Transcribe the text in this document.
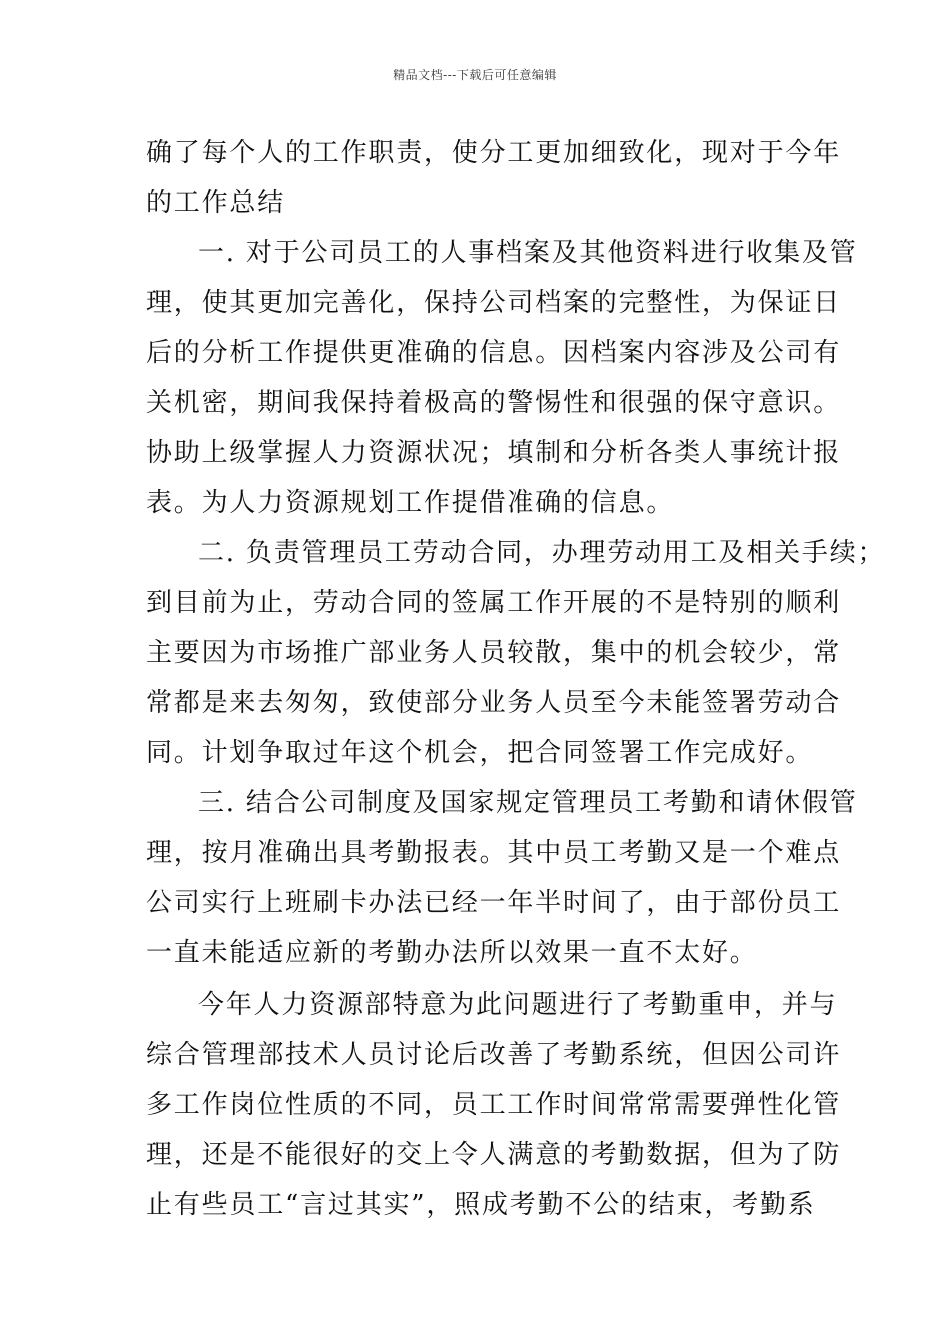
精品文档---下载后可任意编辑
确了每个人的工作职责，使分工更加细致化，现对于今年
的工作总结
一. 对于公司员工的人事档案及其他资料进行收集及管
理，使其更加完善化，保持公司档案的完整性，为保证日
后的分析工作提供更准确的信息。因档案内容涉及公司有
关机密，期间我保持着极高的警惕性和很强的保守意识。
协助上级掌握人力资源状况；填制和分析各类人事统计报
表。为人力资源规划工作提借准确的信息。
二. 负责管理员工劳动合同，办理劳动用工及相关手续；
到目前为止，劳动合同的签属工作开展的不是特别的顺利
主要因为市场推广部业务人员较散，集中的机会较少，常
常都是来去匆匆，致使部分业务人员至今未能签署劳动合
同。计划争取过年这个机会，把合同签署工作完成好。
三. 结合公司制度及国家规定管理员工考勤和请休假管
理，按月准确出具考勤报表。其中员工考勤又是一个难点
公司实行上班刷卡办法已经一年半时间了，由于部份员工
一直未能适应新的考勤办法所以效果一直不太好。
今年人力资源部特意为此问题进行了考勤重申，并与
综合管理部技术人员讨论后改善了考勤系统，但因公司许
多工作岗位性质的不同，员工工作时间常常需要弹性化管
理，还是不能很好的交上令人满意的考勤数据，但为了防
止有些员工“言过其实”，照成考勤不公的结束，考勤系
